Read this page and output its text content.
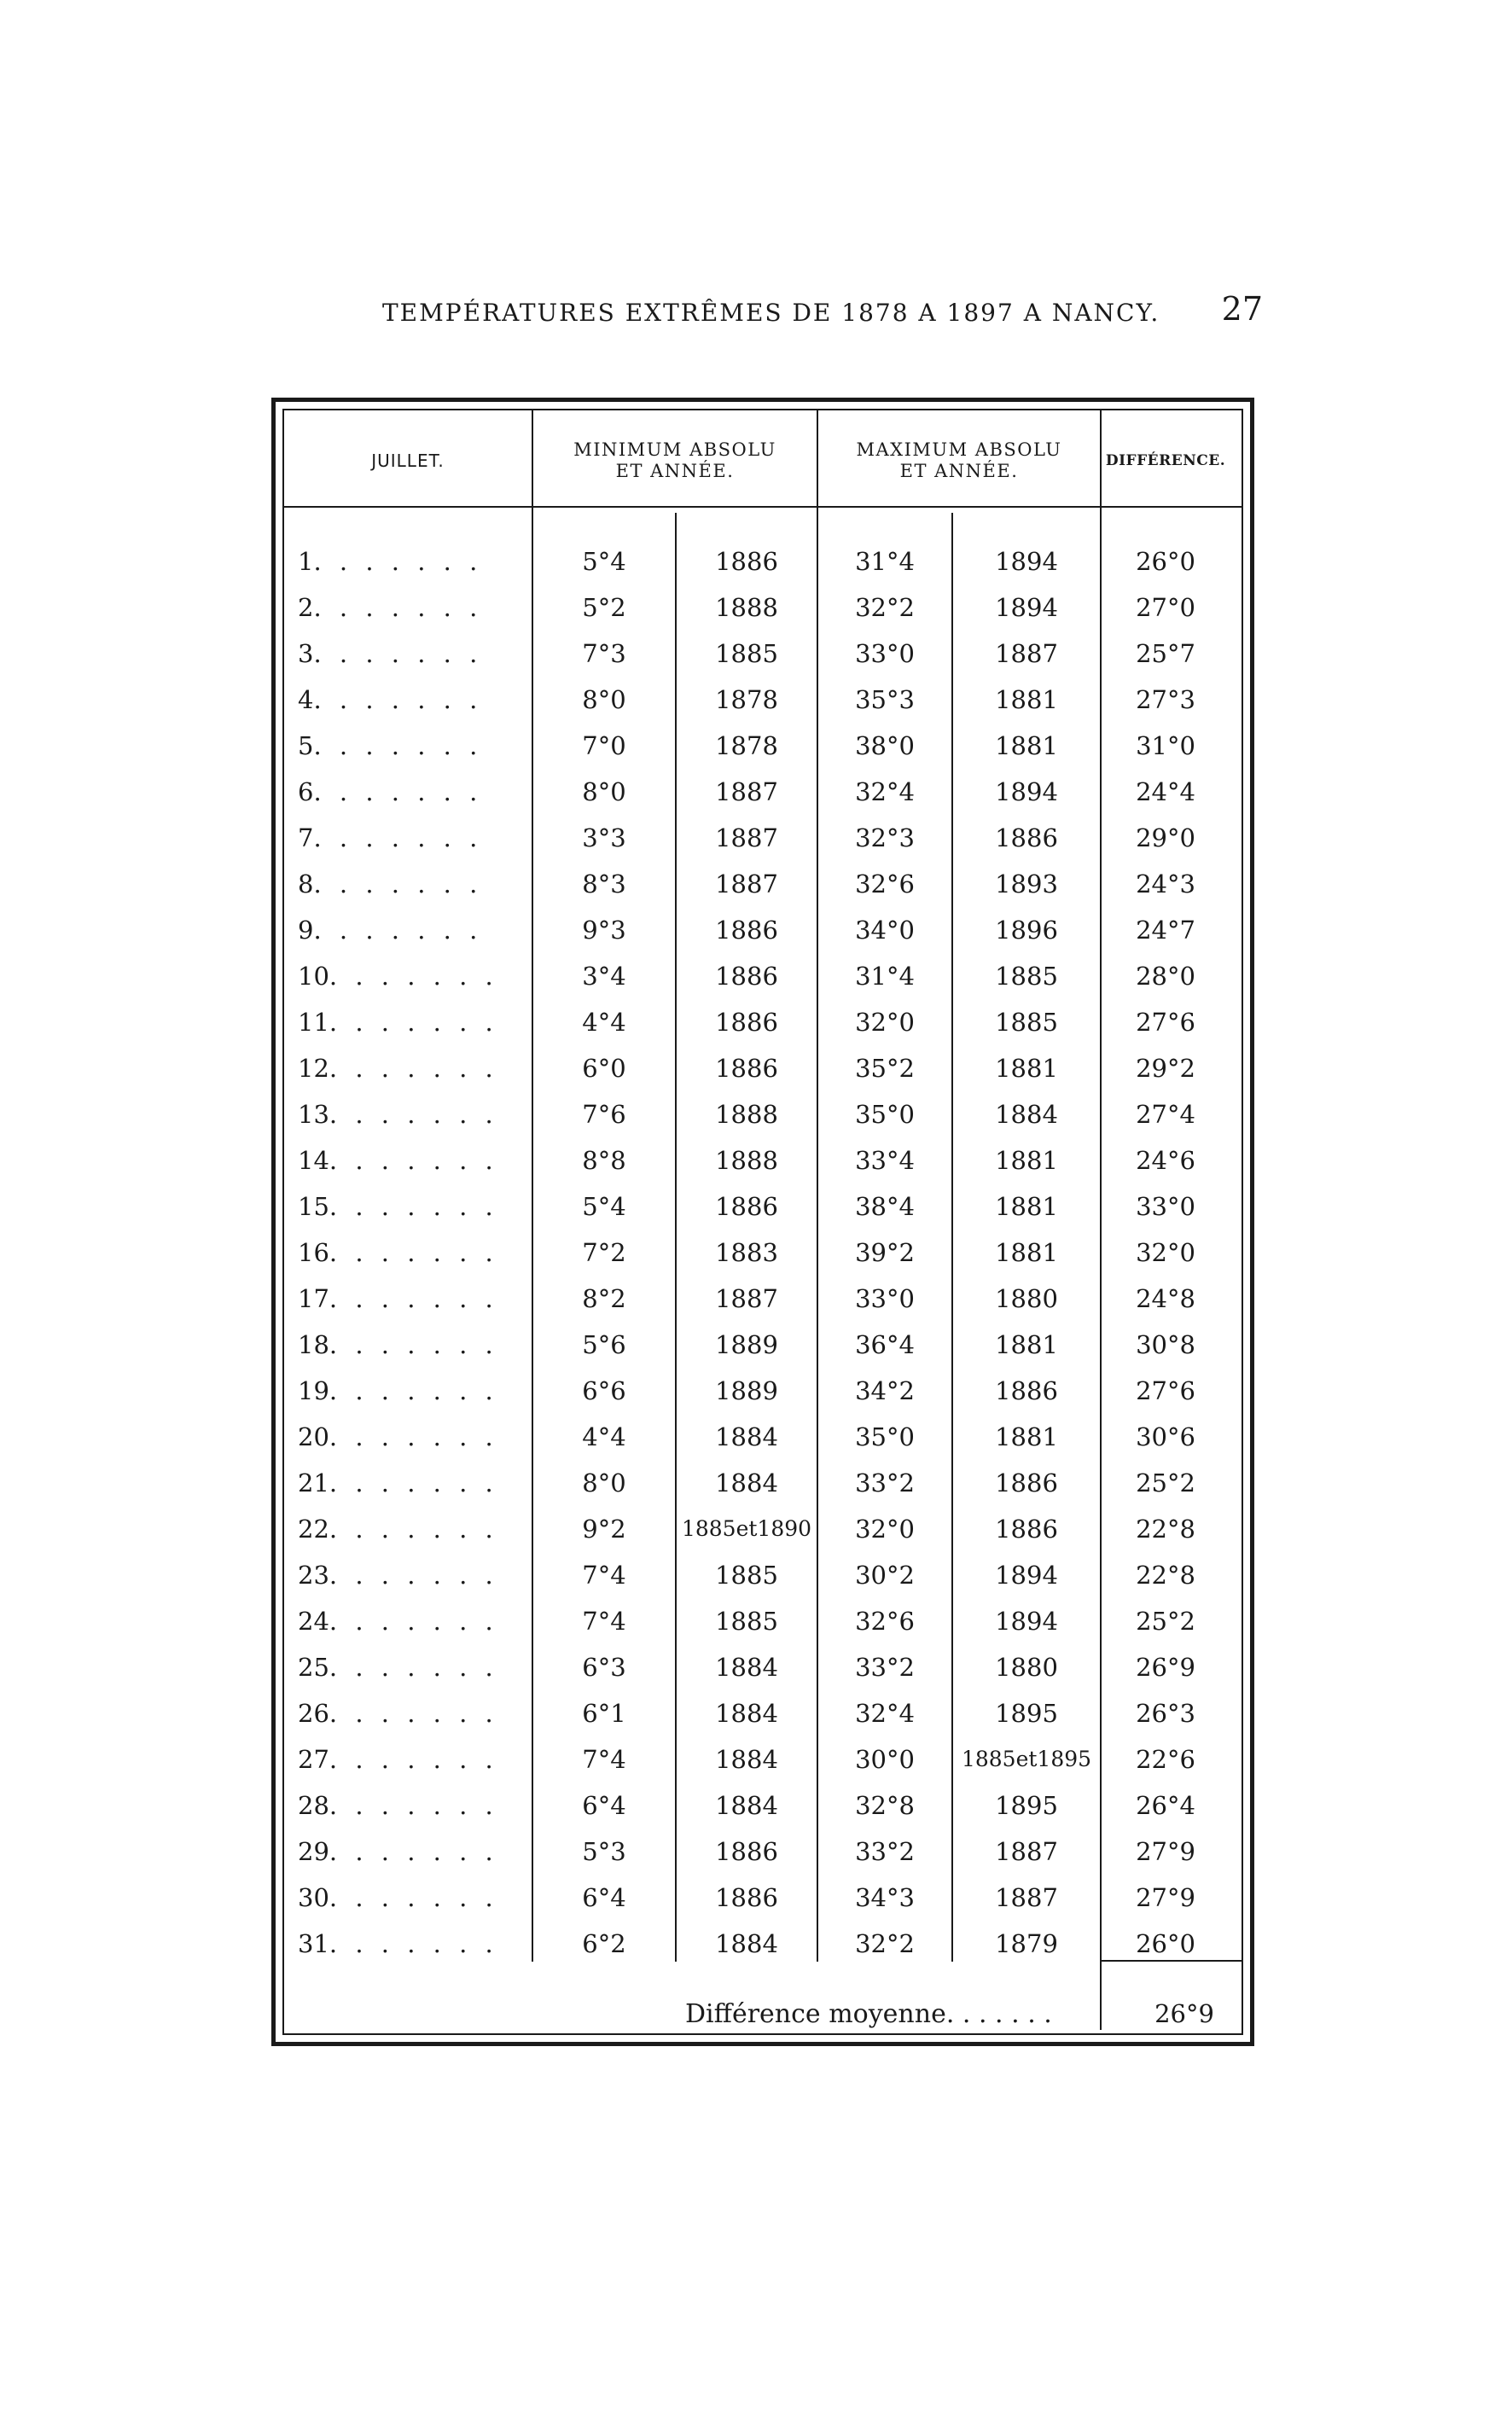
TEMPÉRATURES EXTRÊMES DE 1878 A 1897 A NANCY. 27
JUILLET.
MINIMUM ABSOLU
ET ANNÉE.
MAXIMUM ABSOLU
ET ANNÉE.
DIFFÉRENCE.
1. . . . . . .	5°4	1886	31°4	1894	26°0
2. . . . . . .	5°2	1888	32°2	1894	27°0
3. . . . . . .	7°3	1885	33°0	1887	25°7
4. . . . . . .	8°0	1878	35°3	1881	27°3
5. . . . . . .	7°0	1878	38°0	1881	31°0
6. . . . . . .	8°0	1887	32°4	1894	24°4
7. . . . . . .	3°3	1887	32°3	1886	29°0
8. . . . . . .	8°3	1887	32°6	1893	24°3
9. . . . . . .	9°3	1886	34°0	1896	24°7
10. . . . . . .	3°4	1886	31°4	1885	28°0
11. . . . . . .	4°4	1886	32°0	1885	27°6
12. . . . . . .	6°0	1886	35°2	1881	29°2
13. . . . . . .	7°6	1888	35°0	1884	27°4
14. . . . . . .	8°8	1888	33°4	1881	24°6
15. . . . . . .	5°4	1886	38°4	1881	33°0
16. . . . . . .	7°2	1883	39°2	1881	32°0
17. . . . . . .	8°2	1887	33°0	1880	24°8
18. . . . . . .	5°6	1889	36°4	1881	30°8
19. . . . . . .	6°6	1889	34°2	1886	27°6
20. . . . . . .	4°4	1884	35°0	1881	30°6
21. . . . . . .	8°0	1884	33°2	1886	25°2
22. . . . . . .	9°2	1885et1890	32°0	1886	22°8
23. . . . . . .	7°4	1885	30°2	1894	22°8
24. . . . . . .	7°4	1885	32°6	1894	25°2
25. . . . . . .	6°3	1884	33°2	1880	26°9
26. . . . . . .	6°1	1884	32°4	1895	26°3
27. . . . . . .	7°4	1884	30°0	1885et1895	22°6
28. . . . . . .	6°4	1884	32°8	1895	26°4
29. . . . . . .	5°3	1886	33°2	1887	27°9
30. . . . . . .	6°4	1886	34°3	1887	27°9
31. . . . . . .	6°2	1884	32°2	1879	26°0
Différence moyenne. . . . . . .	26°9
